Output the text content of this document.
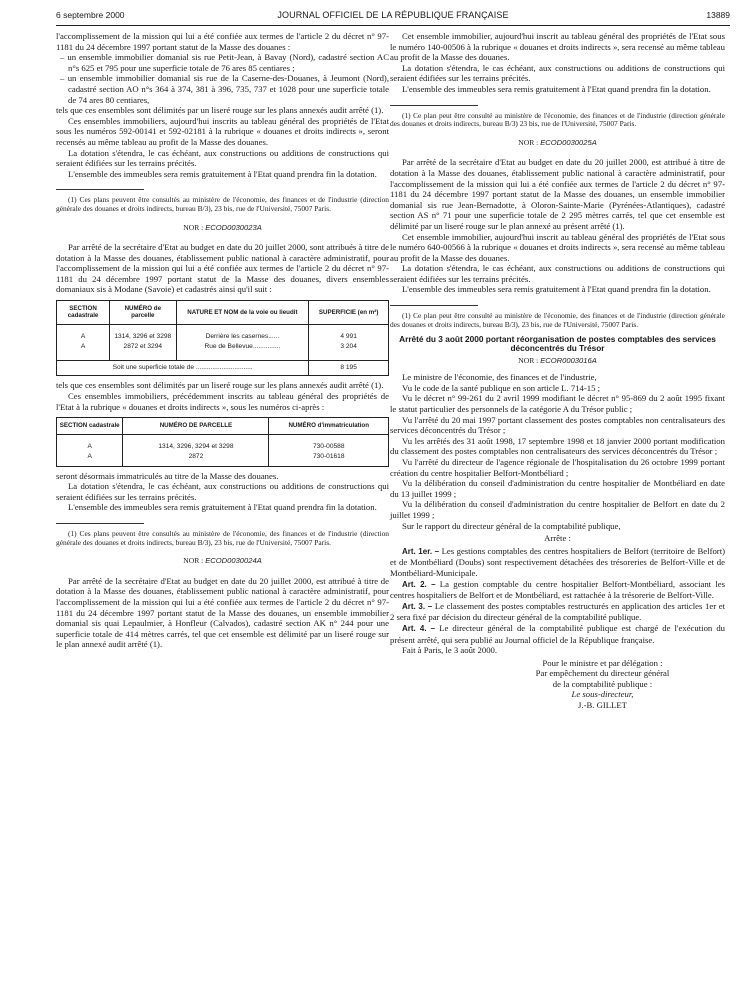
6 septembre 2000	JOURNAL OFFICIEL DE LA RÉPUBLIQUE FRANÇAISE	13889

l'accomplissement de la mission qui lui a été confiée aux termes de l'article 2 du décret n° 97-1181 du 24 décembre 1997 portant statut de la Masse des douanes :

– un ensemble immobilier domanial sis rue Petit-Jean, à Bavay (Nord), cadastré section AC n°s 625 et 795 pour une superficie totale de 76 ares 85 centiares ;

– un ensemble immobilier domanial sis rue de la Caserne-des-Douanes, à Jeumont (Nord), cadastré section AO n°s 364 à 374, 381 à 396, 735, 737 et 1028 pour une superficie totale de 74 ares 80 centiares,

tels que ces ensembles sont délimités par un liseré rouge sur les plans annexés audit arrêté (1).

Ces ensembles immobiliers, aujourd'hui inscrits au tableau général des propriétés de l'Etat sous les numéros 592-00141 et 592-02181 à la rubrique « douanes et droits indirects », seront recensés au même tableau au profit de la Masse des douanes.

La dotation s'étendra, le cas échéant, aux constructions ou additions de constructions qui seraient édifiées sur les terrains précités.

L'ensemble des immeubles sera remis gratuitement à l'Etat quand prendra fin la dotation.

(1) Ces plans peuvent être consultés au ministère de l'économie, des finances et de l'industrie (direction générale des douanes et droits indirects, bureau B/3), 23 bis, rue de l'Université, 75007 Paris.

NOR : ECOD0030023A

Par arrêté de la secrétaire d'Etat au budget en date du 20 juillet 2000, sont attribués à titre de dotation à la Masse des douanes, établissement public national à caractère administratif, pour l'accomplissement de la mission qui lui a été confiée aux termes de l'article 2 du décret n° 97-1181 du 24 décembre 1997 portant statut de la Masse des douanes, divers ensembles domaniaux sis à Modane (Savoie) et cadastrés ainsi qu'il suit :

SECTION cadastrale	NUMÉRO de parcelle	NATURE ET NOM de la voie ou lieudit	SUPERFICIE (en m²)

A	1314, 3296 et 3298	Derrière les casernes......	4 991
A	2872 et 3294	Rue de Bellevue...............	3 204

Soit une superficie totale de ...............................			8 195

tels que ces ensembles sont délimités par un liseré rouge sur les plans annexés audit arrêté (1).

Ces ensembles immobiliers, précédemment inscrits au tableau général des propriétés de l'Etat à la rubrique « douanes et droits indirects », sous les numéros ci-après :

SECTION cadastrale	NUMÉRO DE PARCELLE	NUMÉRO d'immatriculation

A	1314, 3296, 3294 et 3298	730-00588
A	2872	730-01618

seront désormais immatriculés au titre de la Masse des douanes.

La dotation s'étendra, le cas échéant, aux constructions ou additions de constructions qui seraient édifiées sur les terrains précités.

L'ensemble des immeubles sera remis gratuitement à l'Etat quand prendra fin la dotation.

(1) Ces plans peuvent être consultés au ministère de l'économie, des finances et de l'industrie (direction générale des douanes et droits indirects, bureau B/3), 23 bis, rue de l'Université, 75007 Paris.

NOR : ECOD0030024A

Par arrêté de la secrétaire d'Etat au budget en date du 20 juillet 2000, est attribué à titre de dotation à la Masse des douanes, établissement public national à caractère administratif, pour l'accomplissement de la mission qui lui a été confiée aux termes de l'article 2 du décret n° 97-1181 du 24 décembre 1997 portant statut de la Masse des douanes, un ensemble immobilier domanial sis quai Lepaulmier, à Honfleur (Calvados), cadastré section AK n° 244 pour une superficie totale de 414 mètres carrés, tel que cet ensemble est délimité par un liseré rouge sur le plan annexé audit arrêté (1).

Cet ensemble immobilier, aujourd'hui inscrit au tableau général des propriétés de l'Etat sous le numéro 140-00506 à la rubrique « douanes et droits indirects », sera recensé au même tableau au profit de la Masse des douanes.

La dotation s'étendra, le cas échéant, aux constructions ou additions de constructions qui seraient édifiées sur les terrains précités.

L'ensemble des immeubles sera remis gratuitement à l'Etat quand prendra fin la dotation.

(1) Ce plan peut être consulté au ministère de l'économie, des finances et de l'industrie (direction générale des douanes et droits indirects, bureau B/3) 23 bis, rue de l'Université, 75007 Paris.

NOR : ECOD0030025A

Par arrêté de la secrétaire d'Etat au budget en date du 20 juillet 2000, est attribué à titre de dotation à la Masse des douanes, établissement public national à caractère administratif, pour l'accomplissement de la mission qui lui a été confiée aux termes de l'article 2 du décret n° 97-1181 du 24 décembre 1997 portant statut de la Masse des douanes, un ensemble immobilier domanial sis rue Jean-Bernadotte, à Oloron-Sainte-Marie (Pyrénées-Atlantiques), cadastré section AS n° 71 pour une superficie totale de 2 295 mètres carrés, tel que cet ensemble est délimité par un liseré rouge sur le plan annexé au présent arrêté (1).

Cet ensemble immobilier, aujourd'hui inscrit au tableau général des propriétés de l'Etat sous le numéro 640-00566 à la rubrique « douanes et droits indirects », sera recensé au même tableau au profit de la Masse des douanes.

La dotation s'étendra, le cas échéant, aux constructions ou additions de constructions qui seraient édifiées sur les terrains précités.

L'ensemble des immeubles sera remis gratuitement à l'Etat quand prendra fin la dotation.

(1) Ce plan peut être consulté au ministère de l'économie, des finances et de l'industrie (direction générale des douanes et droits indirects, bureau B/3), 23 bis, rue de l'Université, 75007 Paris.

Arrêté du 3 août 2000 portant réorganisation de postes comptables des services déconcentrés du Trésor

NOR : ECOR0003016A

Le ministre de l'économie, des finances et de l'industrie,

Vu le code de la santé publique en son article L. 714-15 ;

Vu le décret n° 99-261 du 2 avril 1999 modifiant le décret n° 95-869 du 2 août 1995 fixant le statut particulier des personnels de la catégorie A du Trésor public ;

Vu l'arrêté du 20 mai 1997 portant classement des postes comptables non centralisateurs des services déconcentrés du Trésor ;

Vu les arrêtés des 31 août 1998, 17 septembre 1998 et 18 janvier 2000 portant modification du classement des postes comptables non centralisateurs des services déconcentrés du Trésor ;

Vu l'arrêté du directeur de l'agence régionale de l'hospitalisation du 26 octobre 1999 portant création du centre hospitalier Belfort-Montbéliard ;

Vu la délibération du conseil d'administration du centre hospitalier de Montbéliard en date du 13 juillet 1999 ;

Vu la délibération du conseil d'administration du centre hospitalier de Belfort en date du 2 juillet 1999 ;

Sur le rapport du directeur général de la comptabilité publique,

Arrête :

Art. 1er. – Les gestions comptables des centres hospitaliers de Belfort (territoire de Belfort) et de Montbéliard (Doubs) sont respectivement détachées des trésoreries de Belfort-Ville et de Montbéliard-Municipale.

Art. 2. – La gestion comptable du centre hospitalier Belfort-Montbéliard, associant les centres hospitaliers de Belfort et de Montbéliard, est rattachée à la trésorerie de Belfort-Ville.

Art. 3. – Le classement des postes comptables restructurés en application des articles 1er et 2 sera fixé par décision du directeur général de la comptabilité publique.

Art. 4. – Le directeur général de la comptabilité publique est chargé de l'exécution du présent arrêté, qui sera publié au Journal officiel de la République française.

Fait à Paris, le 3 août 2000.

Pour le ministre et par délégation :

Par empêchement du directeur général

de la comptabilité publique :

Le sous-directeur,

J.-B. GILLET
